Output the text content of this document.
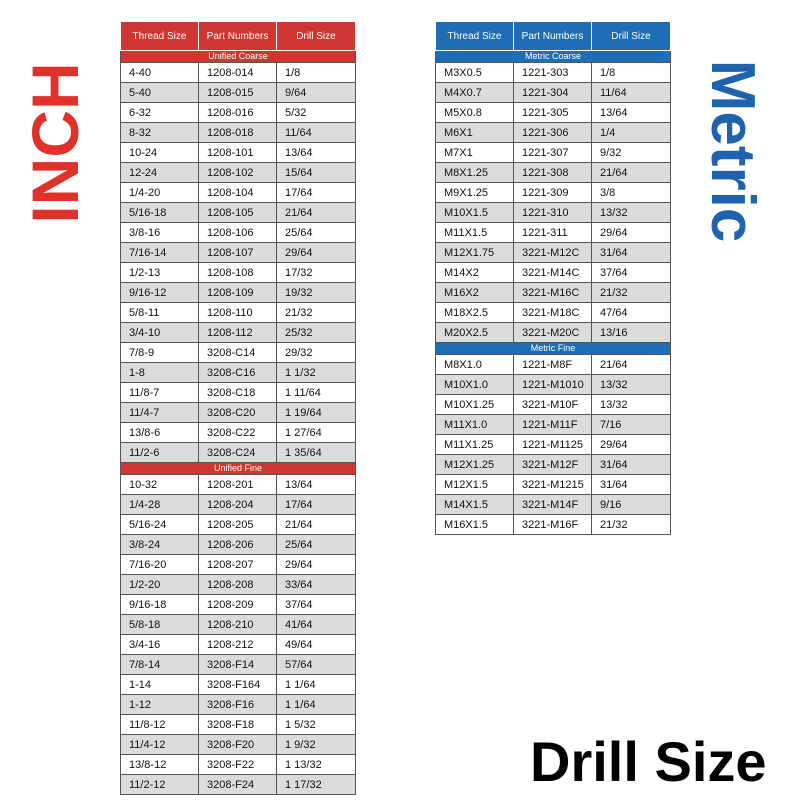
INCH	Metric
Drill Size
Thread Size	Part Numbers	Drill Size
Unified Coarse		
4-40	1208-014	1/8
5-40	1208-015	9/64
6-32	1208-016	5/32
8-32	1208-018	11/64
10-24	1208-101	13/64
12-24	1208-102	15/64
1/4-20	1208-104	17/64
5/16-18	1208-105	21/64
3/8-16	1208-106	25/64
7/16-14	1208-107	29/64
1/2-13	1208-108	17/32
9/16-12	1208-109	19/32
5/8-11	1208-110	21/32
3/4-10	1208-112	25/32
7/8-9	3208-C14	29/32
1-8	3208-C16	1 1/32
11/8-7	3208-C18	1 11/64
11/4-7	3208-C20	1 19/64
13/8-6	3208-C22	1 27/64
11/2-6	3208-C24	1 35/64
Unified Fine		
10-32	1208-201	13/64
1/4-28	1208-204	17/64
5/16-24	1208-205	21/64
3/8-24	1208-206	25/64
7/16-20	1208-207	29/64
1/2-20	1208-208	33/64
9/16-18	1208-209	37/64
5/8-18	1208-210	41/64
3/4-16	1208-212	49/64
7/8-14	3208-F14	57/64
1-14	3208-F164	1 1/64
1-12	3208-F16	1 1/64
11/8-12	3208-F18	1 5/32
11/4-12	3208-F20	1 9/32
13/8-12	3208-F22	1 13/32
11/2-12	3208-F24	1 17/32
Thread Size	Part Numbers	Drill Size
Metric Coarse		
M3X0.5	1221-303	1/8
M4X0.7	1221-304	11/64
M5X0.8	1221-305	13/64
M6X1	1221-306	1/4
M7X1	1221-307	9/32
M8X1.25	1221-308	21/64
M9X1.25	1221-309	3/8
M10X1.5	1221-310	13/32
M11X1.5	1221-311	29/64
M12X1.75	3221-M12C	31/64
M14X2	3221-M14C	37/64
M16X2	3221-M16C	21/32
M18X2.5	3221-M18C	47/64
M20X2.5	3221-M20C	13/16
Metric Fine		
M8X1.0	1221-M8F	21/64
M10X1.0	1221-M1010	13/32
M10X1.25	3221-M10F	13/32
M11X1.0	1221-M11F	7/16
M11X1.25	1221-M1125	29/64
M12X1.25	3221-M12F	31/64
M12X1.5	3221-M1215	31/64
M14X1.5	3221-M14F	9/16
M16X1.5	3221-M16F	21/32
